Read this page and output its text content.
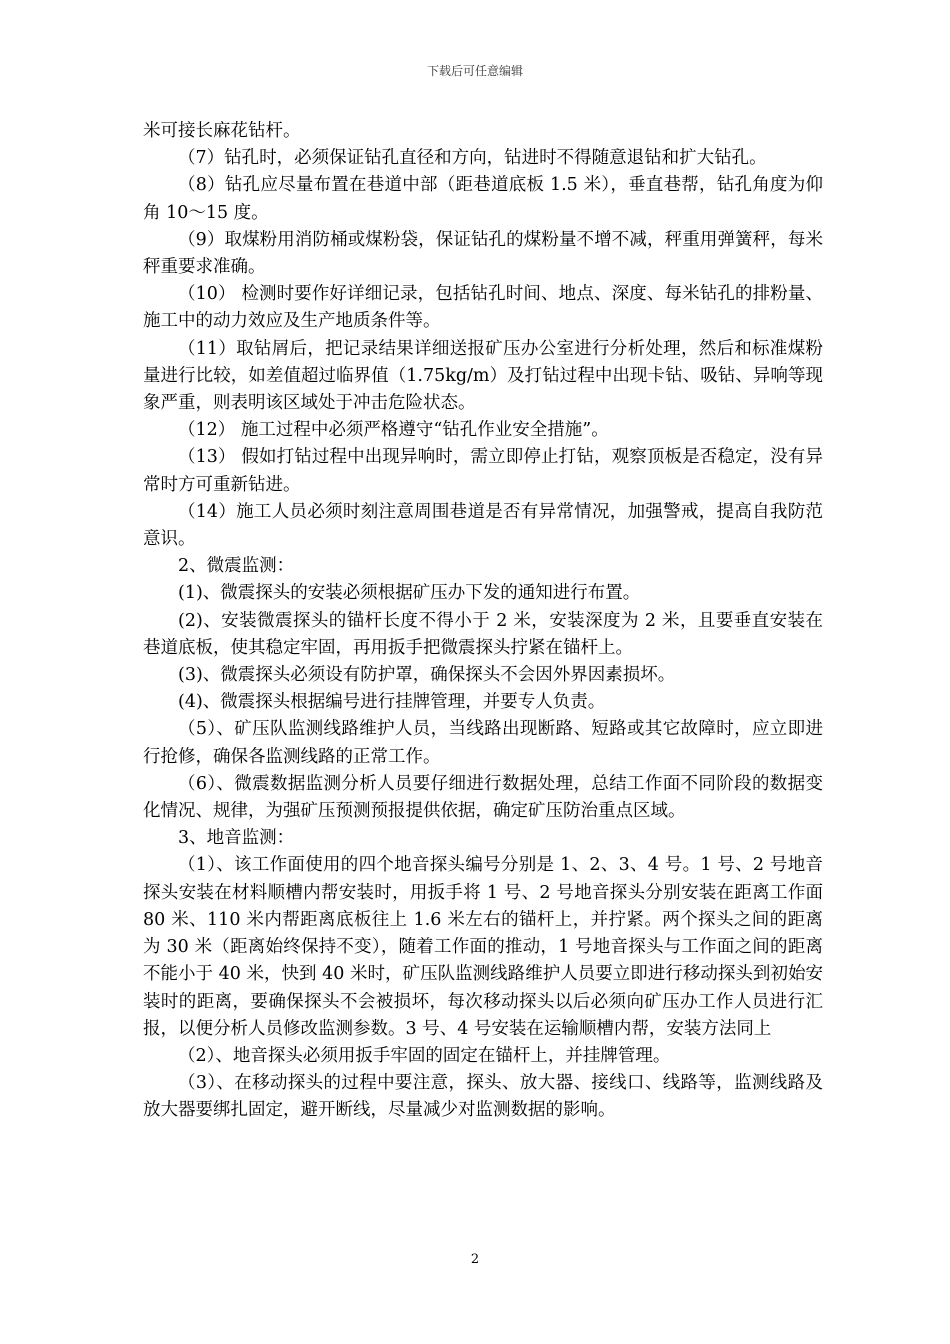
下载后可任意编辑

米可接长麻花钻杆。

（7）钻孔时，必须保证钻孔直径和方向，钻进时不得随意退钻和扩大钻孔。

（8）钻孔应尽量布置在巷道中部（距巷道底板 1.5 米），垂直巷帮，钻孔角度为仰角 10～15 度。

（9）取煤粉用消防桶或煤粉袋，保证钻孔的煤粉量不增不减，秤重用弹簧秤，每米秤重要求准确。

（10） 检测时要作好详细记录，包括钻孔时间、地点、深度、每米钻孔的排粉量、施工中的动力效应及生产地质条件等。

（11）取钻屑后，把记录结果详细送报矿压办公室进行分析处理，然后和标准煤粉量进行比较，如差值超过临界值（1.75kg/m）及打钻过程中出现卡钻、吸钻、异响等现象严重，则表明该区域处于冲击危险状态。

（12） 施工过程中必须严格遵守“钻孔作业安全措施”。

（13） 假如打钻过程中出现异响时，需立即停止打钻，观察顶板是否稳定，没有异常时方可重新钻进。

（14）施工人员必须时刻注意周围巷道是否有异常情况，加强警戒，提高自我防范意识。

2、微震监测：

(1)、微震探头的安装必须根据矿压办下发的通知进行布置。

(2)、安装微震探头的锚杆长度不得小于 2 米，安装深度为 2 米，且要垂直安装在巷道底板，使其稳定牢固，再用扳手把微震探头拧紧在锚杆上。

(3)、微震探头必须设有防护罩，确保探头不会因外界因素损坏。

(4)、微震探头根据编号进行挂牌管理，并要专人负责。

（5）、矿压队监测线路维护人员，当线路出现断路、短路或其它故障时，应立即进行抢修，确保各监测线路的正常工作。

（6）、微震数据监测分析人员要仔细进行数据处理，总结工作面不同阶段的数据变化情况、规律，为强矿压预测预报提供依据，确定矿压防治重点区域。

3、地音监测：

（1）、该工作面使用的四个地音探头编号分别是 1、2、3、4 号。1 号、2 号地音探头安装在材料顺槽内帮安装时，用扳手将 1 号、2 号地音探头分别安装在距离工作面 80 米、110 米内帮距离底板往上 1.6 米左右的锚杆上，并拧紧。两个探头之间的距离为 30 米（距离始终保持不变），随着工作面的推动，1 号地音探头与工作面之间的距离不能小于 40 米，快到 40 米时，矿压队监测线路维护人员要立即进行移动探头到初始安装时的距离，要确保探头不会被损坏，每次移动探头以后必须向矿压办工作人员进行汇报，以便分析人员修改监测参数。3 号、4 号安装在运输顺槽内帮，安装方法同上

（2）、地音探头必须用扳手牢固的固定在锚杆上，并挂牌管理。

（3）、在移动探头的过程中要注意，探头、放大器、接线口、线路等，监测线路及放大器要绑扎固定，避开断线，尽量减少对监测数据的影响。

2
